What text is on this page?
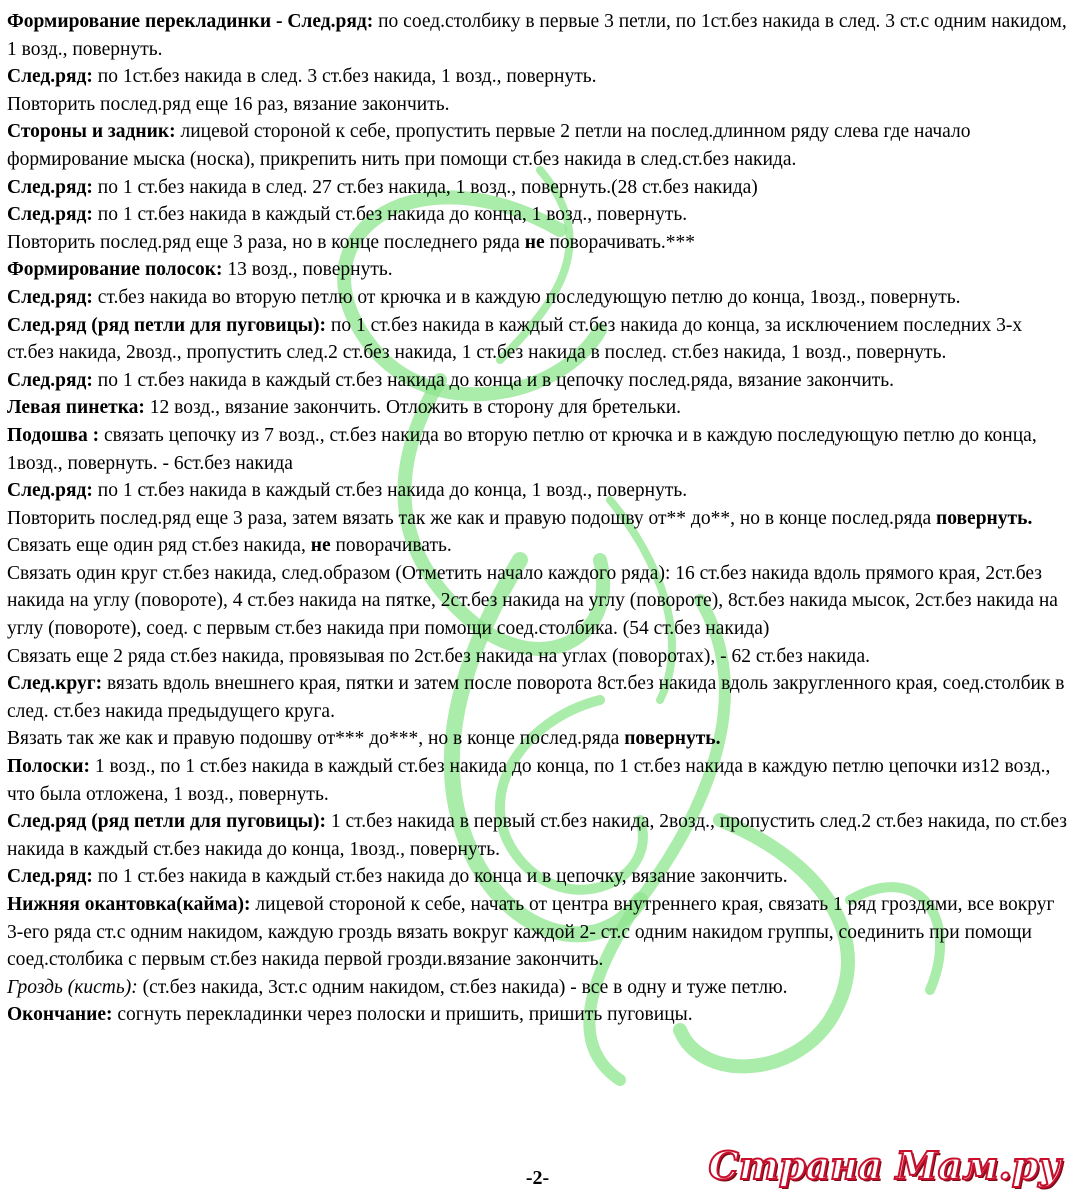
Формирование перекладинки - След.ряд: по соед.столбику в первые 3 петли, по 1ст.без накида в след. 3 ст.с одним накидом, 1 возд., повернуть.

След.ряд: по 1ст.без накида в след. 3 ст.без накида, 1 возд., повернуть.

Повторить послед.ряд еще 16 раз, вязание закончить.

Стороны и задник: лицевой стороной к себе, пропустить первые 2 петли на послед.длинном ряду слева где начало формирование мыска (носка), прикрепить нить при помощи ст.без накида в след.ст.без накида.

След.ряд: по 1 ст.без накида в след. 27 ст.без накида, 1 возд., повернуть.(28 ст.без накида)

След.ряд: по 1 ст.без накида в каждый ст.без накида до конца, 1 возд., повернуть.

Повторить послед.ряд еще 3 раза, но в конце последнего ряда не поворачивать.***

Формирование полосок: 13 возд., повернуть.

След.ряд: ст.без накида во вторую петлю от крючка и в каждую последующую петлю до конца, 1возд., повернуть.

След.ряд (ряд петли для пуговицы): по 1 ст.без накида в каждый ст.без накида до конца, за исключением последних 3-х ст.без накида, 2возд., пропустить след.2 ст.без накида, 1 ст.без накида в послед. ст.без накида, 1 возд., повернуть.

След.ряд: по 1 ст.без накида в каждый ст.без накида до конца и в цепочку послед.ряда, вязание закончить.

Левая пинетка: 12 возд., вязание закончить. Отложить в сторону для бретельки.

Подошва : связать цепочку из 7 возд., ст.без накида во вторую петлю от крючка и в каждую последующую петлю до конца, 1возд., повернуть. - 6ст.без накида

След.ряд: по 1 ст.без накида в каждый ст.без накида до конца, 1 возд., повернуть.

Повторить послед.ряд еще 3 раза, затем вязать так же как и правую подошву от** до**, но в конце послед.ряда повернуть. Связать еще один ряд ст.без накида, не поворачивать.

Связать один круг ст.без накида, след.образом (Отметить начало каждого ряда): 16 ст.без накида вдоль прямого края, 2ст.без накида на углу (повороте), 4 ст.без накида на пятке, 2ст.без накида на углу (повороте), 8ст.без накида мысок, 2ст.без накида на углу (повороте), соед. с первым ст.без накида при помощи соед.столбика. (54 ст.без накида)

Связать еще 2 ряда ст.без накида, провязывая по 2ст.без накида на углах (поворотах), - 62 ст.без накида.

След.круг: вязать вдоль внешнего края, пятки и затем после поворота 8ст.без накида вдоль закругленного края, соед.столбик в след. ст.без накида предыдущего круга.

Вязать так же как и правую подошву от*** до***, но в конце послед.ряда повернуть.

Полоски: 1 возд., по 1 ст.без накида в каждый ст.без накида до конца, по 1 ст.без накида в каждую петлю цепочки из12 возд., что была отложена, 1 возд., повернуть.

След.ряд (ряд петли для пуговицы): 1 ст.без накида в первый ст.без накида, 2возд., пропустить след.2 ст.без накида, по ст.без накида в каждый ст.без накида до конца, 1возд., повернуть.

След.ряд: по 1 ст.без накида в каждый ст.без накида до конца и в цепочку, вязание закончить.

Нижняя окантовка(кайма): лицевой стороной к себе, начать от центра внутреннего края, связать 1 ряд гроздями, все вокруг 3-его ряда ст.с одним накидом, каждую гроздь вязать вокруг каждой 2- ст.с одним накидом группы, соединить при помощи соед.столбика с первым ст.без накида первой грозди.вязание закончить.

Гроздь (кисть): (ст.без накида, 3ст.с одним накидом, ст.без накида) - все в одну и туже петлю.

Окончание: согнуть перекладинки через полоски и пришить, пришить пуговицы.

-2-	Страна Мам.ру
